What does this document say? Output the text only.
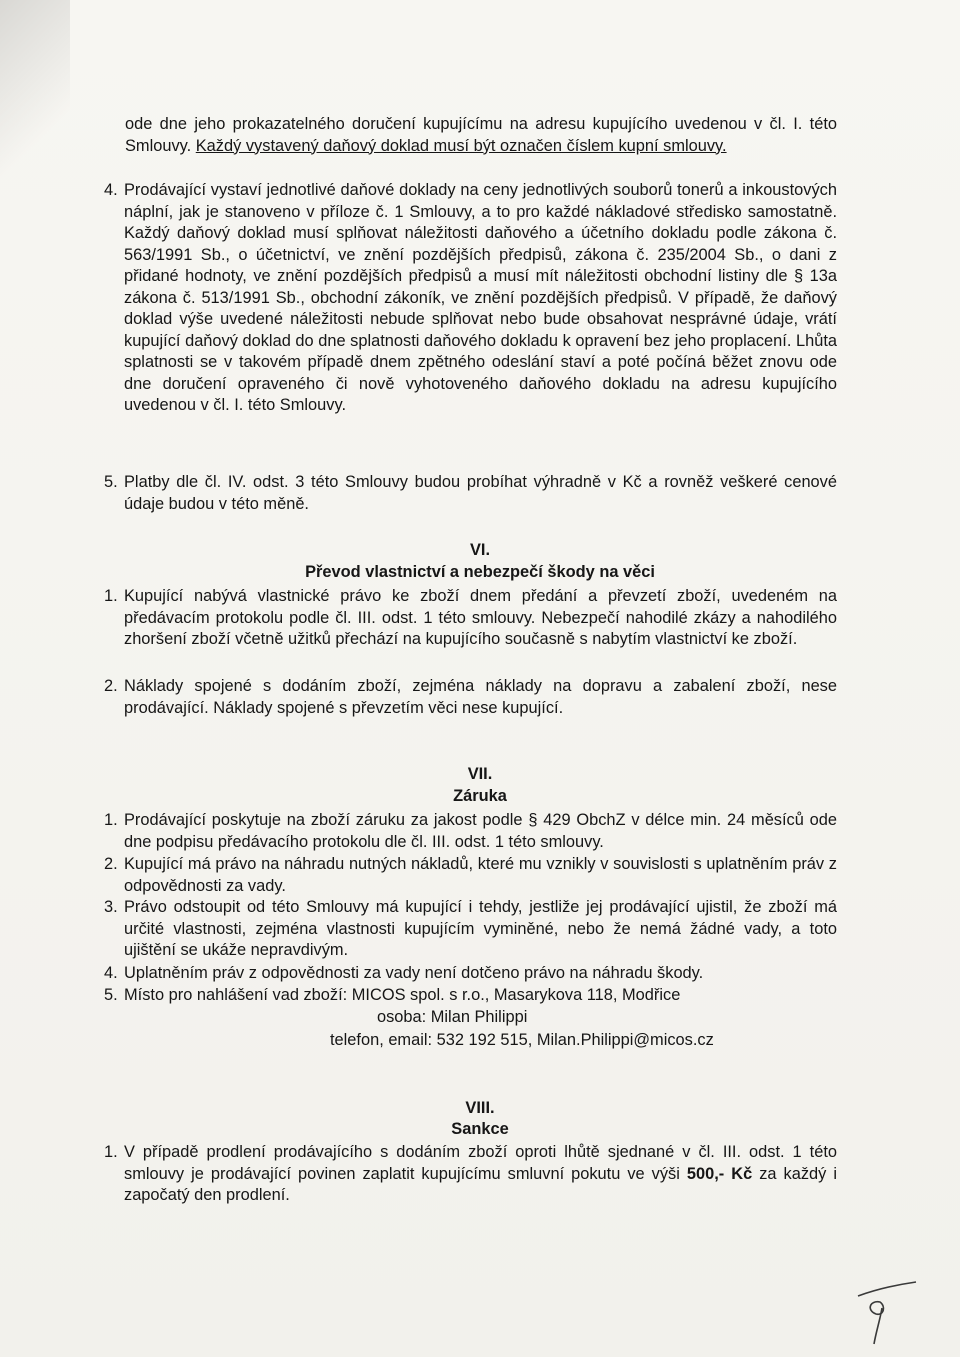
ode dne jeho prokazatelného doručení kupujícímu na adresu kupujícího uvedenou v čl. I. této Smlouvy. Každý vystavený daňový doklad musí být označen číslem kupní smlouvy.
4. Prodávající vystaví jednotlivé daňové doklady na ceny jednotlivých souborů tonerů a inkoustových náplní, jak je stanoveno v příloze č. 1 Smlouvy, a to pro každé nákladové středisko samostatně. Každý daňový doklad musí splňovat náležitosti daňového a účetního dokladu podle zákona č. 563/1991 Sb., o účetnictví, ve znění pozdějších předpisů, zákona č. 235/2004 Sb., o dani z přidané hodnoty, ve znění pozdějších předpisů a musí mít náležitosti obchodní listiny dle § 13a zákona č. 513/1991 Sb., obchodní zákoník, ve znění pozdějších předpisů. V případě, že daňový doklad výše uvedené náležitosti nebude splňovat nebo bude obsahovat nesprávné údaje, vrátí kupující daňový doklad do dne splatnosti daňového dokladu k opravení bez jeho proplacení. Lhůta splatnosti se v takovém případě dnem zpětného odeslání staví a poté počíná běžet znovu ode dne doručení opraveného či nově vyhotoveného daňového dokladu na adresu kupujícího uvedenou v čl. I. této Smlouvy.
5. Platby dle čl. IV. odst. 3 této Smlouvy budou probíhat výhradně v Kč a rovněž veškeré cenové údaje budou v této měně.
VI.
Převod vlastnictví a nebezpečí škody na věci
1. Kupující nabývá vlastnické právo ke zboží dnem předání a převzetí zboží, uvedeném na předávacím protokolu podle čl. III. odst. 1 této smlouvy. Nebezpečí nahodilé zkázy a nahodilého zhoršení zboží včetně užitků přechází na kupujícího současně s nabytím vlastnictví ke zboží.
2. Náklady spojené s dodáním zboží, zejména náklady na dopravu a zabalení zboží, nese prodávající. Náklady spojené s převzetím věci nese kupující.
VII.
Záruka
1. Prodávající poskytuje na zboží záruku za jakost podle § 429 ObchZ v délce min. 24 měsíců ode dne podpisu předávacího protokolu dle čl. III. odst. 1 této smlouvy.
2. Kupující má právo na náhradu nutných nákladů, které mu vznikly v souvislosti s uplatněním práv z odpovědnosti za vady.
3. Právo odstoupit od této Smlouvy má kupující i tehdy, jestliže jej prodávající ujistil, že zboží má určité vlastnosti, zejména vlastnosti kupujícím vyminěné, nebo že nemá žádné vady, a toto ujištění se ukáže nepravdivým.
4. Uplatněním práv z odpovědnosti za vady není dotčeno právo na náhradu škody.
5. Místo pro nahlášení vad zboží: MICOS spol. s r.o., Masarykova 118, Modřice
osoba: Milan Philippi
telefon, email: 532 192 515, Milan.Philippi@micos.cz
VIII.
Sankce
1. V případě prodlení prodávajícího s dodáním zboží oproti lhůtě sjednané v čl. III. odst. 1 této smlouvy je prodávající povinen zaplatit kupujícímu smluvní pokutu ve výši 500,- Kč za každý i započatý den prodlení.
